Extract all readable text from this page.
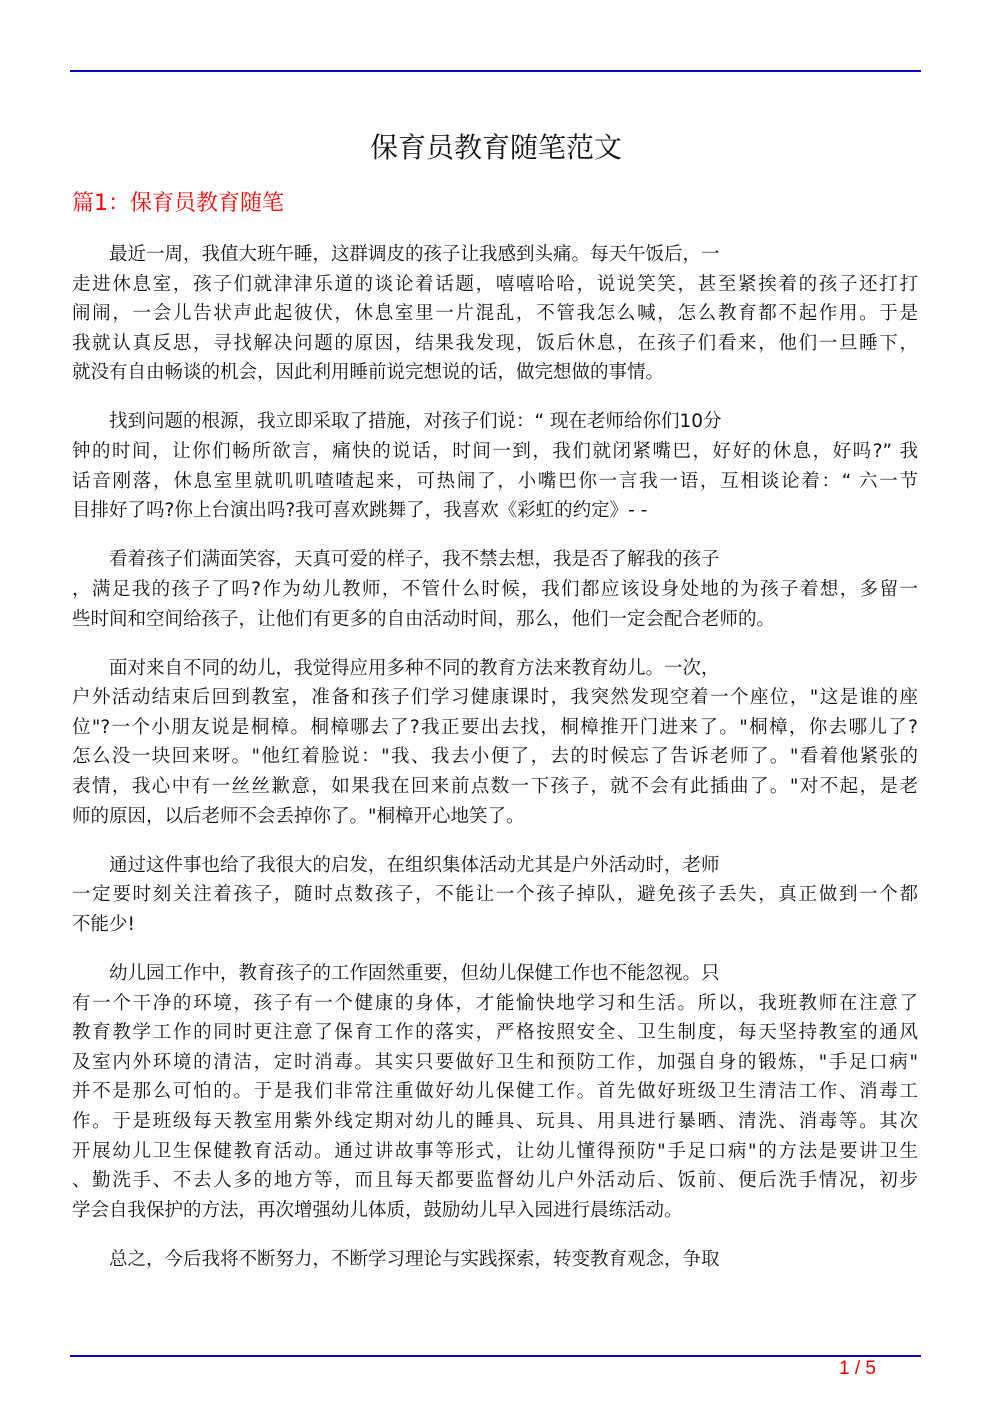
保育员教育随笔范文
篇1：保育员教育随笔
最近一周，我值大班午睡，这群调皮的孩子让我感到头痛。每天午饭后，一
走进休息室，孩子们就津津乐道的谈论着话题，嘻嘻哈哈，说说笑笑，甚至紧挨着的孩子还打打
闹闹，一会儿告状声此起彼伏，休息室里一片混乱，不管我怎么喊，怎么教育都不起作用。于是
我就认真反思，寻找解决问题的原因，结果我发现，饭后休息，在孩子们看来，他们一旦睡下，
就没有自由畅谈的机会，因此利用睡前说完想说的话，做完想做的事情。
找到问题的根源，我立即采取了措施，对孩子们说：“ 现在老师给你们10分
钟的时间，让你们畅所欲言，痛快的说话，时间一到，我们就闭紧嘴巴，好好的休息，好吗?” 我
话音刚落，休息室里就叽叽喳喳起来，可热闹了，小嘴巴你一言我一语，互相谈论着：“ 六一节
目排好了吗?你上台演出吗?我可喜欢跳舞了，我喜欢《彩虹的约定》- -
看着孩子们满面笑容，天真可爱的样子，我不禁去想，我是否了解我的孩子
，满足我的孩子了吗?作为幼儿教师，不管什么时候，我们都应该设身处地的为孩子着想，多留一
些时间和空间给孩子，让他们有更多的自由活动时间，那么，他们一定会配合老师的。
面对来自不同的幼儿，我觉得应用多种不同的教育方法来教育幼儿。一次，
户外活动结束后回到教室，准备和孩子们学习健康课时，我突然发现空着一个座位，"这是谁的座
位"?一个小朋友说是桐樟。桐樟哪去了?我正要出去找，桐樟推开门进来了。"桐樟，你去哪儿了?
怎么没一块回来呀。"他红着脸说："我、我去小便了，去的时候忘了告诉老师了。"看着他紧张的
表情，我心中有一丝丝歉意，如果我在回来前点数一下孩子，就不会有此插曲了。"对不起，是老
师的原因，以后老师不会丢掉你了。"桐樟开心地笑了。
通过这件事也给了我很大的启发，在组织集体活动尤其是户外活动时，老师
一定要时刻关注着孩子，随时点数孩子，不能让一个孩子掉队，避免孩子丢失，真正做到一个都
不能少!
幼儿园工作中，教育孩子的工作固然重要，但幼儿保健工作也不能忽视。只
有一个干净的环境，孩子有一个健康的身体，才能愉快地学习和生活。所以，我班教师在注意了
教育教学工作的同时更注意了保育工作的落实，严格按照安全、卫生制度，每天坚持教室的通风
及室内外环境的清洁，定时消毒。其实只要做好卫生和预防工作，加强自身的锻炼，"手足口病"
并不是那么可怕的。于是我们非常注重做好幼儿保健工作。首先做好班级卫生清洁工作、消毒工
作。于是班级每天教室用紫外线定期对幼儿的睡具、玩具、用具进行暴晒、清洗、消毒等。其次
开展幼儿卫生保健教育活动。通过讲故事等形式，让幼儿懂得预防"手足口病"的方法是要讲卫生
、勤洗手、不去人多的地方等，而且每天都要监督幼儿户外活动后、饭前、便后洗手情况，初步
学会自我保护的方法，再次增强幼儿体质，鼓励幼儿早入园进行晨练活动。
总之，今后我将不断努力，不断学习理论与实践探索，转变教育观念，争取
1 / 5
